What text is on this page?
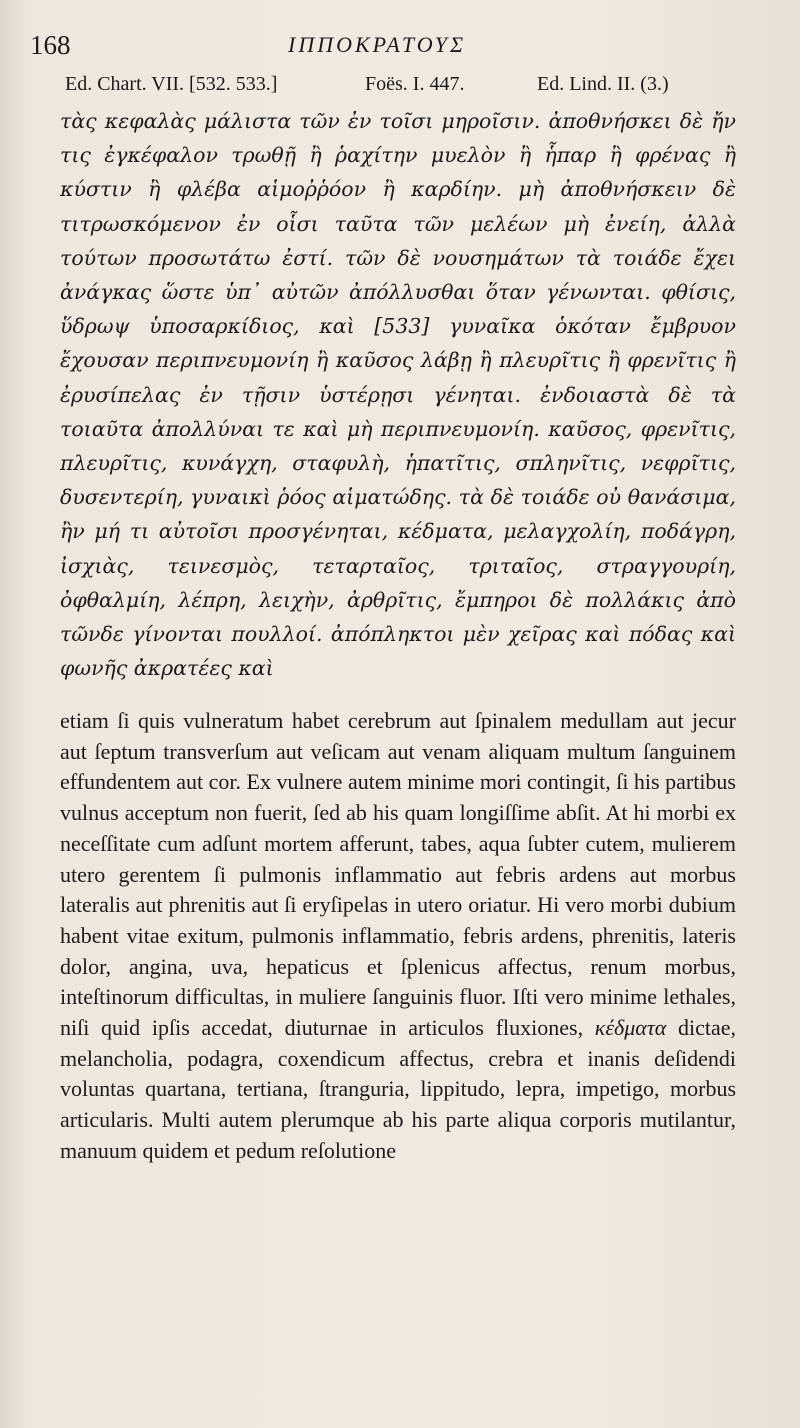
168	ΙΠΠΟΚΡΑΤΟΥΣ
Ed. Chart. VII. [532. 533.]	Foës. I. 447.	Ed. Lind. II. (3.)
τὰς κεφαλὰς μάλιστα τῶν ἐν τοῖσι μηροῖσιν. ἀποθνήσκει δὲ ἤν τις ἐγκέφαλον τρωθῇ ἢ ῥαχίτην μυελὸν ἢ ἧπαρ ἢ φρένας ἢ κύστιν ἢ φλέβα αἱμοῤῥόον ἢ καρδίην. μὴ ἀποθνήσκειν δὲ τιτρωσκόμενον ἐν οἷσι ταῦτα τῶν μελέων μὴ ἐνείη, ἀλλὰ τούτων προσωτάτω ἐστί. τῶν δὲ νουσημάτων τὰ τοιάδε ἔχει ἀνάγκας ὥστε ὑπ᾽ αὐτῶν ἀπόλλυσθαι ὅταν γένωνται. φθίσις, ὕδρωψ ὑποσαρκίδιος, καὶ [533] γυναῖκα ὁκόταν ἔμβρυον ἔχουσαν περιπνευμονίη ἢ καῦσος λάβῃ ἢ πλευρῖτις ἢ φρενῖτις ἢ ἐρυσίπελας ἐν τῇσιν ὑστέρῃσι γένηται. ἐνδοιαστὰ δὲ τὰ τοιαῦτα ἀπολλύναι τε καὶ μὴ περιπνευμονίη. καῦσος, φρενῖτις, πλευρῖτις, κυνάγχη, σταφυλὴ, ἡπατῖτις, σπληνῖτις, νεφρῖτις, δυσεντερίη, γυναικὶ ῥόος αἱματώδης. τὰ δὲ τοιάδε οὐ θανάσιμα, ἢν μή τι αὐτοῖσι προσγένηται, κέδματα, μελαγχολίη, ποδάγρη, ἰσχιὰς, τεινεσμὸς, τεταρταῖος, τριταῖος, στραγγουρίη, ὀφθαλμίη, λέπρη, λειχὴν, ἀρθρῖτις, ἔμπηροι δὲ πολλάκις ἀπὸ τῶνδε γίνονται πουλλοί. ἀπόπληκτοι μὲν χεῖρας καὶ πόδας καὶ φωνῆς ἀκρατέες καὶ
etiam ſi quis vulneratum habet cerebrum aut ſpinalem medullam aut jecur aut ſeptum transverſum aut veſicam aut venam aliquam multum ſanguinem effundentem aut cor. Ex vulnere autem minime mori contingit, ſi his partibus vulnus acceptum non fuerit, ſed ab his quam longiſſime abſit. At hi morbi ex neceſſitate cum adſunt mortem afferunt, tabes, aqua ſubter cutem, mulierem utero gerentem ſi pulmonis inflammatio aut febris ardens aut morbus lateralis aut phrenitis aut ſi eryſipelas in utero oriatur. Hi vero morbi dubium habent vitae exitum, pulmonis inflammatio, febris ardens, phrenitis, lateris dolor, angina, uva, hepaticus et ſplenicus affectus, renum morbus, inteſtinorum difficultas, in muliere ſanguinis fluor. Iſti vero minime lethales, niſi quid ipſis accedat, diuturnae in articulos fluxiones, κέδματα dictae, melancholia, podagra, coxendicum affectus, crebra et inanis deſidendi voluntas quartana, tertiana, ſtranguria, lippitudo, lepra, impetigo, morbus articularis. Multi autem plerumque ab his parte aliqua corporis mutilantur, manuum quidem et pedum reſolutione
